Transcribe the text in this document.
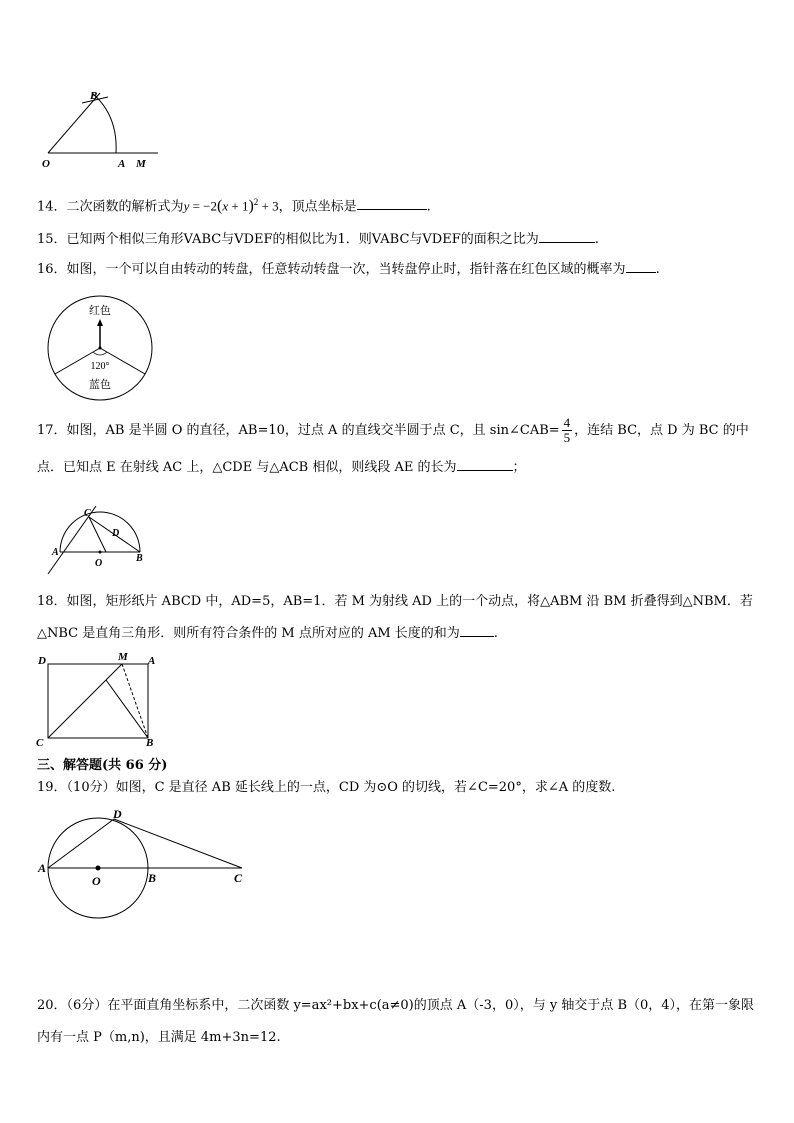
B
O	A M
14．二次函数的解析式为$y = -2(x + 1)^2 + 3$，顶点坐标是	.
15．已知两个相似三角形VABC与VDEF的相似比为1．则VABC与VDEF的面积之比为	.
16．如图，一个可以自由转动的转盘，任意转动转盘一次，当转盘停止时，指针落在红色区域的概率为 .
红色
120°
蓝色
17．如图，AB 是半圆 O 的直径，AB=10，过点 A 的直线交半圆于点 C，且 sin∠CAB= $\frac{4}{5}$ ，连结 BC，点 D 为 BC 的中
点．已知点 E 在射线 AC 上，△CDE 与△ACB 相似，则线段 AE 的长为	；
C
D
A
O	B
18．如图，矩形纸片 ABCD 中，AD=5，AB=1．若 M 为射线 AD 上的一个动点，将△ABM 沿 BM 折叠得到△NBM．若
△NBC 是直角三角形．则所有符合条件的 M 点所对应的 AM 长度的和为	.
D	M A
C	B
三、解答题(共 66 分)
19．（10分）如图，C 是直径 AB 延长线上的一点，CD 为⊙O 的切线，若∠C=20°，求∠A 的度数.
D
A
O	B	C
20．（6分）在平面直角坐标系中，二次函数 y=ax²+bx+c(a≠0)的顶点 A（-3，0），与 y 轴交于点 B（0，4），在第一象限
内有一点 P（m,n)，且满足 4m+3n=12.
